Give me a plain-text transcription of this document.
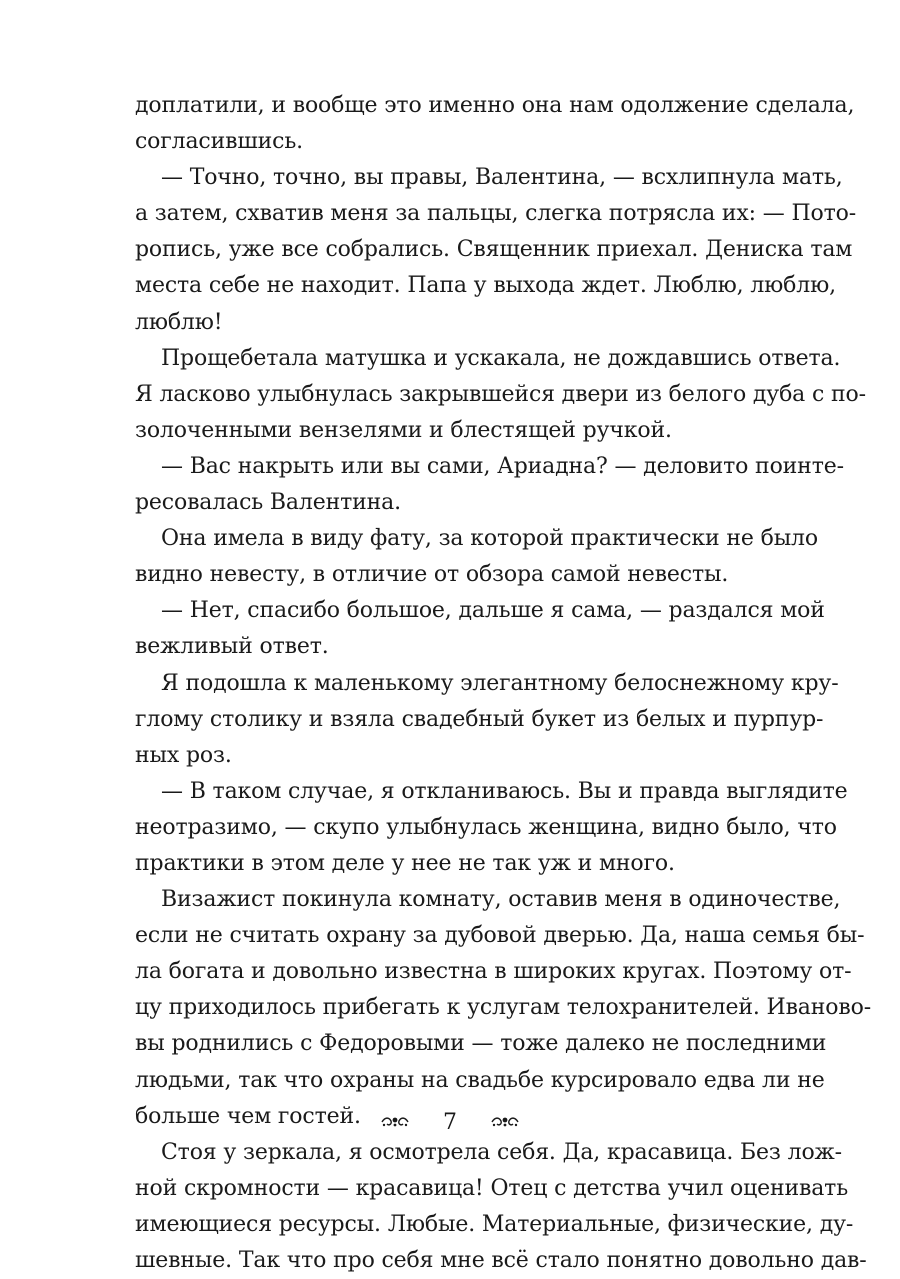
доплатили, и вообще это именно она нам одолжение сделала,
согласившись.
— Точно, точно, вы правы, Валентина, — всхлипнула мать,
а затем, схватив меня за пальцы, слегка потрясла их: — Пото-
ропись, уже все собрались. Священник приехал. Дениска там
места себе не находит. Папа у выхода ждет. Люблю, люблю,
люблю!
Прощебетала матушка и ускакала, не дождавшись ответа.
Я ласково улыбнулась закрывшейся двери из белого дуба с по-
золоченными вензелями и блестящей ручкой.
— Вас накрыть или вы сами, Ариадна? — деловито поинте-
ресовалась Валентина.
Она имела в виду фату, за которой практически не было
видно невесту, в отличие от обзора самой невесты.
— Нет, спасибо большое, дальше я сама, — раздался мой
вежливый ответ.
Я подошла к маленькому элегантному белоснежному кру-
глому столику и взяла свадебный букет из белых и пурпур-
ных роз.
— В таком случае, я откланиваюсь. Вы и правда выглядите
неотразимо, — скупо улыбнулась женщина, видно было, что
практики в этом деле у нее не так уж и много.
Визажист покинула комнату, оставив меня в одиночестве,
если не считать охрану за дубовой дверью. Да, наша семья бы-
ла богата и довольно известна в широких кругах. Поэтому от-
цу приходилось прибегать к услугам телохранителей. Иваново-
вы роднились с Федоровыми — тоже далеко не последними
людьми, так что охраны на свадьбе курсировало едва ли не
больше чем гостей.
Стоя у зеркала, я осмотрела себя. Да, красавица. Без лож-
ной скромности — красавица! Отец с детства учил оценивать
имеющиеся ресурсы. Любые. Материальные, физические, ду-
шевные. Так что про себя мне всё стало понятно довольно дав-
7
